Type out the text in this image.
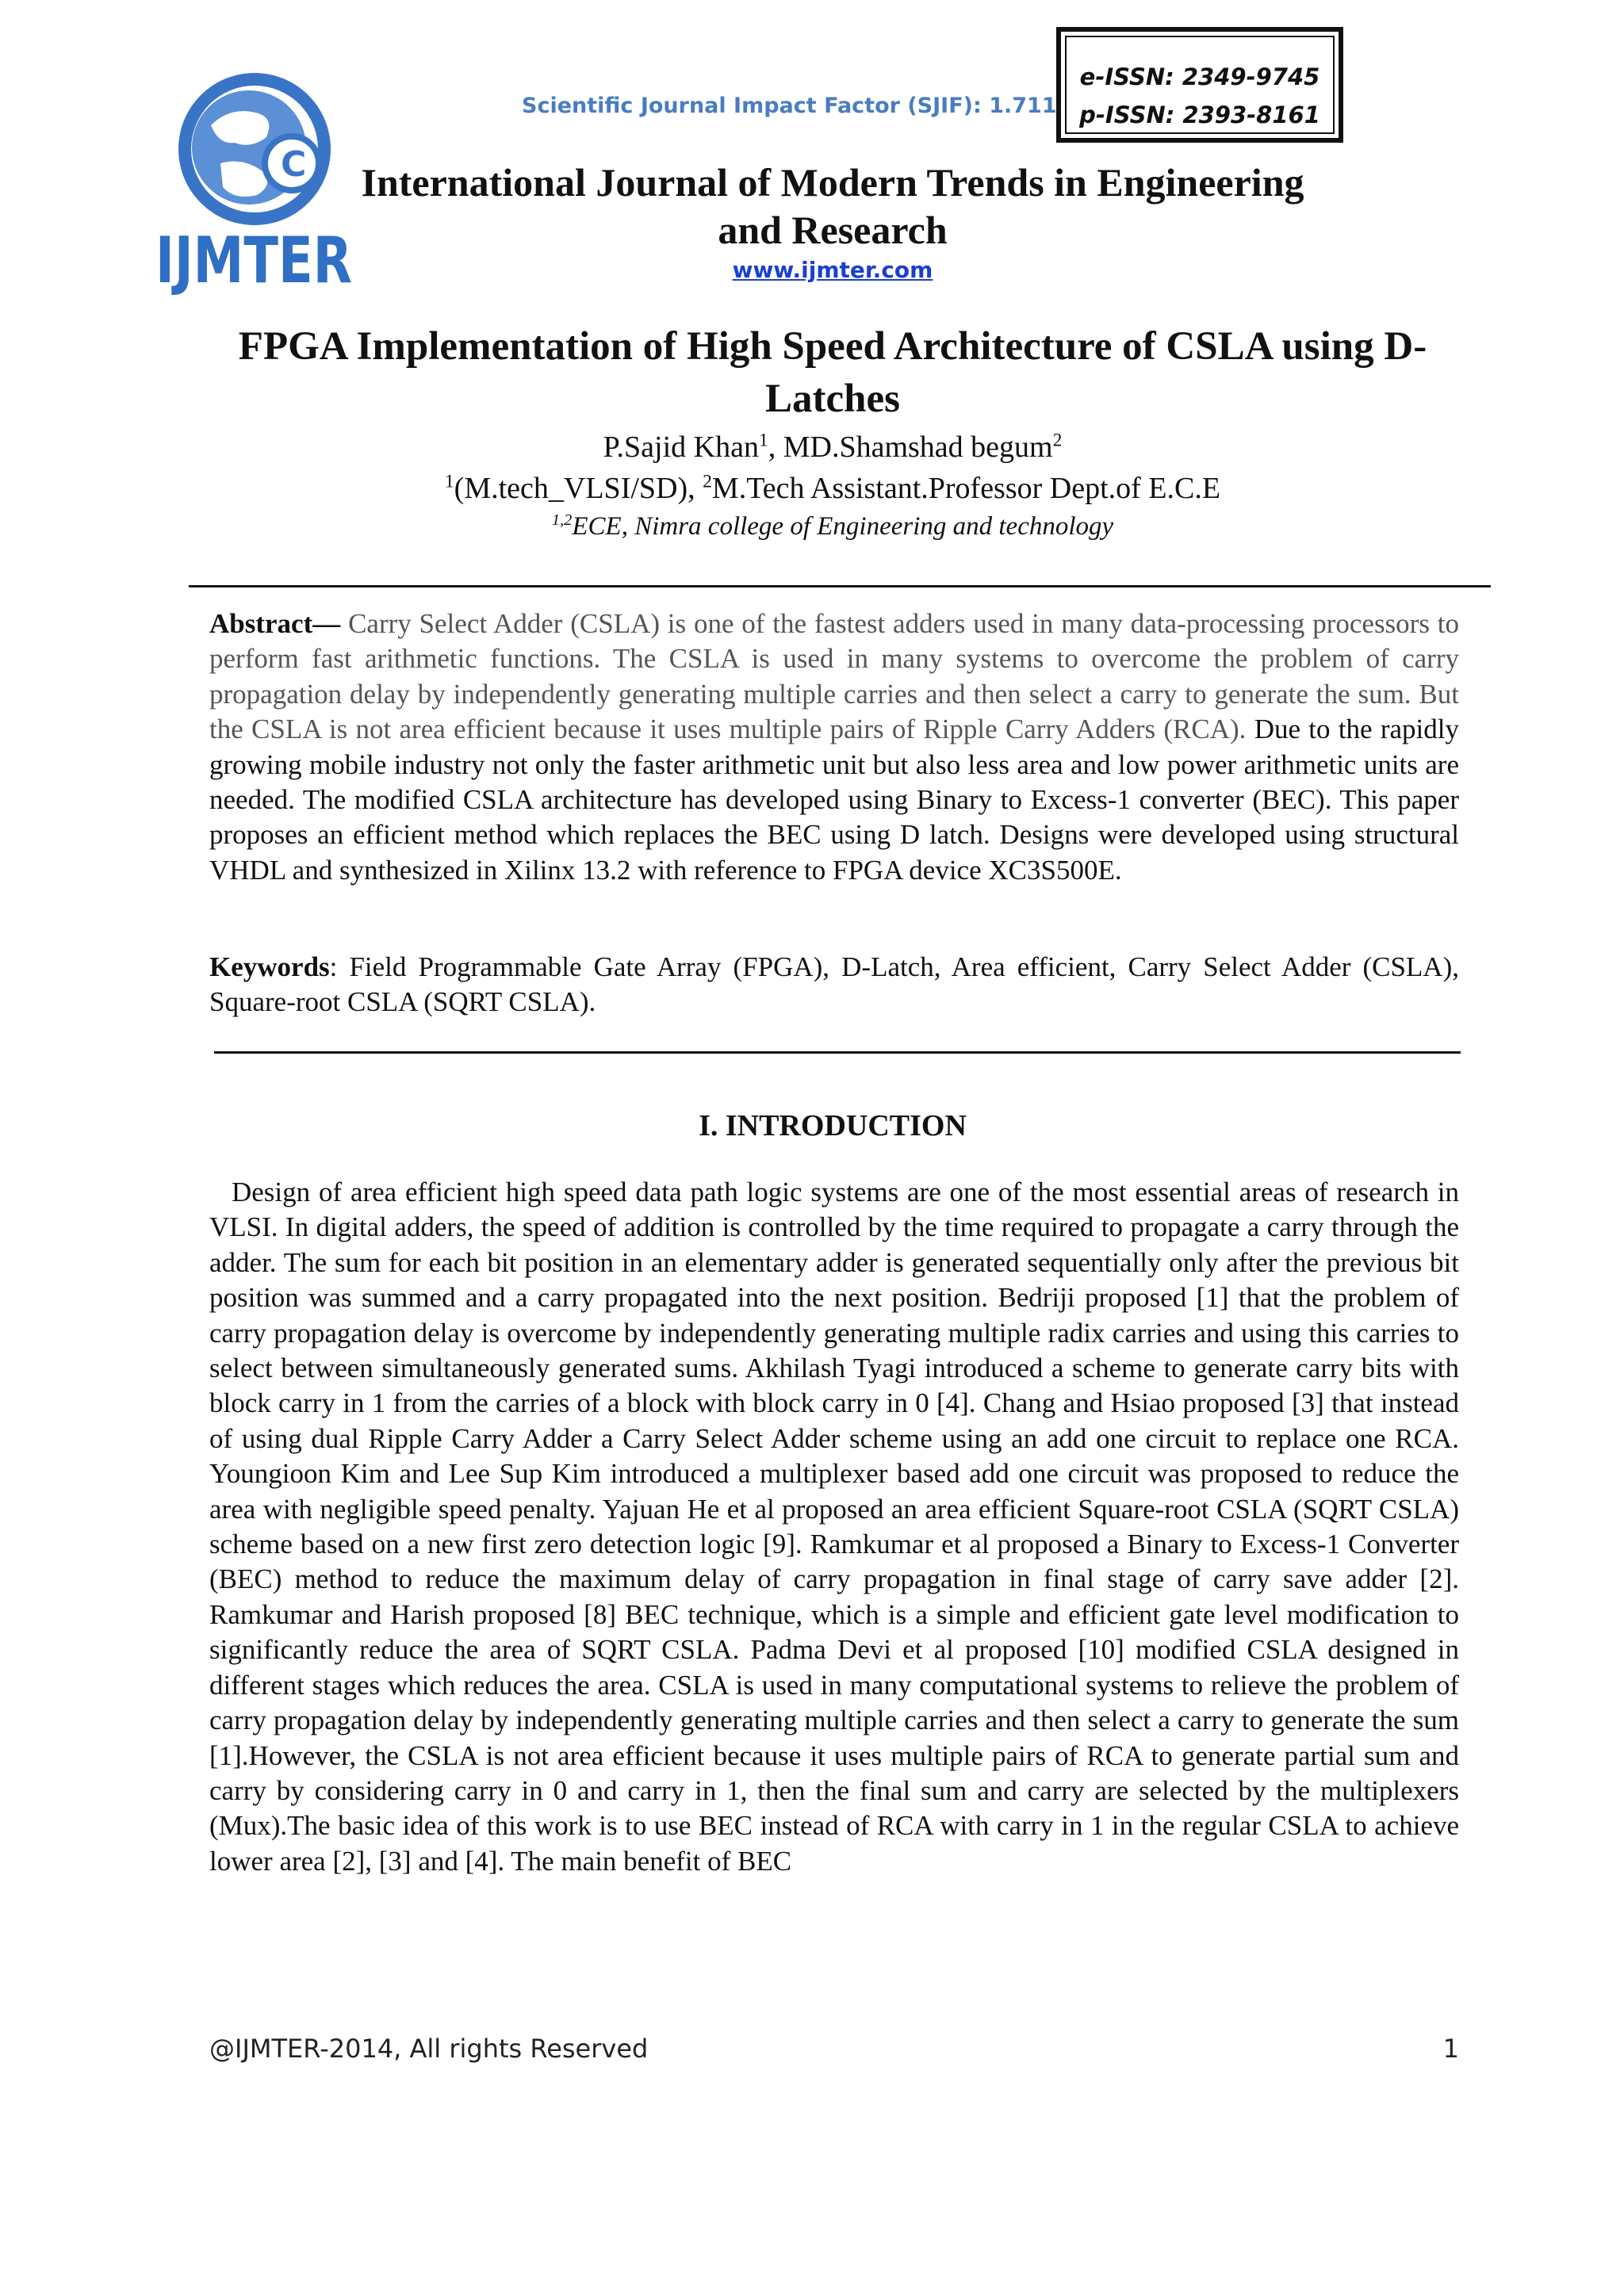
C
IJMTER
Scientific Journal Impact Factor (SJIF): 1.711
e-ISSN: 2349-9745
p-ISSN: 2393-8161
International Journal of Modern Trends in Engineering and Research
www.ijmter.com
FPGA Implementation of High Speed Architecture of CSLA using D-Latches
P.Sajid Khan$^1$, MD.Shamshad begum$^2$
$^1$(M.tech_VLSI/SD), $^2$M.Tech Assistant.Professor Dept.of E.C.E
$^{1,2}$ECE, Nimra college of Engineering and technology
Abstract— Carry Select Adder (CSLA) is one of the fastest adders used in many data-processing processors to perform fast arithmetic functions. The CSLA is used in many systems to overcome the problem of carry propagation delay by independently generating multiple carries and then select a carry to generate the sum. But the CSLA is not area efficient because it uses multiple pairs of Ripple Carry Adders (RCA). Due to the rapidly growing mobile industry not only the faster arithmetic unit but also less area and low power arithmetic units are needed. The modified CSLA architecture has developed using Binary to Excess-1 converter (BEC). This paper proposes an efficient method which replaces the BEC using D latch. Designs were developed using structural VHDL and synthesized in Xilinx 13.2 with reference to FPGA device XC3S500E.
Keywords: Field Programmable Gate Array (FPGA), D-Latch, Area efficient, Carry Select Adder (CSLA), Square-root CSLA (SQRT CSLA).
I. INTRODUCTION

Design of area efficient high speed data path logic systems are one of the most essential areas of research in VLSI. In digital adders, the speed of addition is controlled by the time required to propagate a carry through the adder. The sum for each bit position in an elementary adder is generated sequentially only after the previous bit position was summed and a carry propagated into the next position. Bedriji proposed [1] that the problem of carry propagation delay is overcome by independently generating multiple radix carries and using this carries to select between simultaneously generated sums. Akhilash Tyagi introduced a scheme to generate carry bits with block carry in 1 from the carries of a block with block carry in 0 [4]. Chang and Hsiao proposed [3] that instead of using dual Ripple Carry Adder a Carry Select Adder scheme using an add one circuit to replace one RCA. Youngioon Kim and Lee Sup Kim introduced a multiplexer based add one circuit was proposed to reduce the area with negligible speed penalty. Yajuan He et al proposed an area efficient Square-root CSLA (SQRT CSLA) scheme based on a new first zero detection logic [9]. Ramkumar et al proposed a Binary to Excess-1 Converter (BEC) method to reduce the maximum delay of carry propagation in final stage of carry save adder [2]. Ramkumar and Harish proposed [8] BEC technique, which is a simple and efficient gate level modification to significantly reduce the area of SQRT CSLA. Padma Devi et al proposed [10] modified CSLA designed in different stages which reduces the area. CSLA is used in many computational systems to relieve the problem of carry propagation delay by independently generating multiple carries and then select a carry to generate the sum [1].However, the CSLA is not area efficient because it uses multiple pairs of RCA to generate partial sum and carry by considering carry in 0 and carry in 1, then the final sum and carry are selected by the multiplexers (Mux).The basic idea of this work is to use BEC instead of RCA with carry in 1 in the regular CSLA to achieve lower area [2], [3] and [4]. The main benefit of BEC

@IJMTER-2014, All rights Reserved	1
